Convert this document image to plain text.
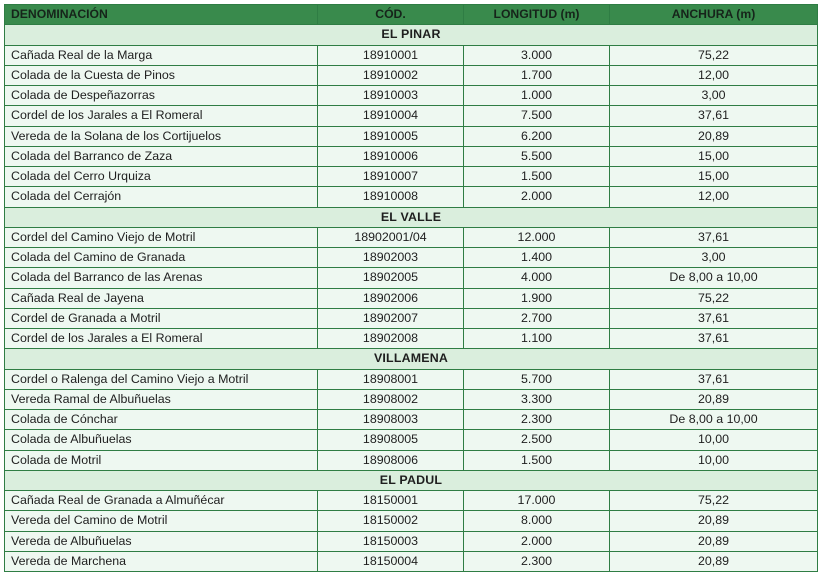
DENOMINACIÓN	CÓD.	LONGITUD (m)	ANCHURA (m)
EL PINAR			
Cañada Real de la Marga	18910001	3.000	75,22
Colada de la Cuesta de Pinos	18910002	1.700	12,00
Colada de Despeñazorras	18910003	1.000	3,00
Cordel de los Jarales a El Romeral	18910004	7.500	37,61
Vereda de la Solana de los Cortijuelos	18910005	6.200	20,89
Colada del Barranco de Zaza	18910006	5.500	15,00
Colada del Cerro Urquiza	18910007	1.500	15,00
Colada del Cerrajón	18910008	2.000	12,00
EL VALLE			
Cordel del Camino Viejo de Motril	18902001/04	12.000	37,61
Colada del Camino de Granada	18902003	1.400	3,00
Colada del Barranco de las Arenas	18902005	4.000	De 8,00 a 10,00
Cañada Real de Jayena	18902006	1.900	75,22
Cordel de Granada a Motril	18902007	2.700	37,61
Cordel de los Jarales a El Romeral	18902008	1.100	37,61
VILLAMENA			
Cordel o Ralenga del Camino Viejo a Motril	18908001	5.700	37,61
Vereda Ramal de Albuñuelas	18908002	3.300	20,89
Colada de Cónchar	18908003	2.300	De 8,00 a 10,00
Colada de Albuñuelas	18908005	2.500	10,00
Colada de Motril	18908006	1.500	10,00
EL PADUL			
Cañada Real de Granada a Almuñécar	18150001	17.000	75,22
Vereda del Camino de Motril	18150002	8.000	20,89
Vereda de Albuñuelas	18150003	2.000	20,89
Vereda de Marchena	18150004	2.300	20,89
